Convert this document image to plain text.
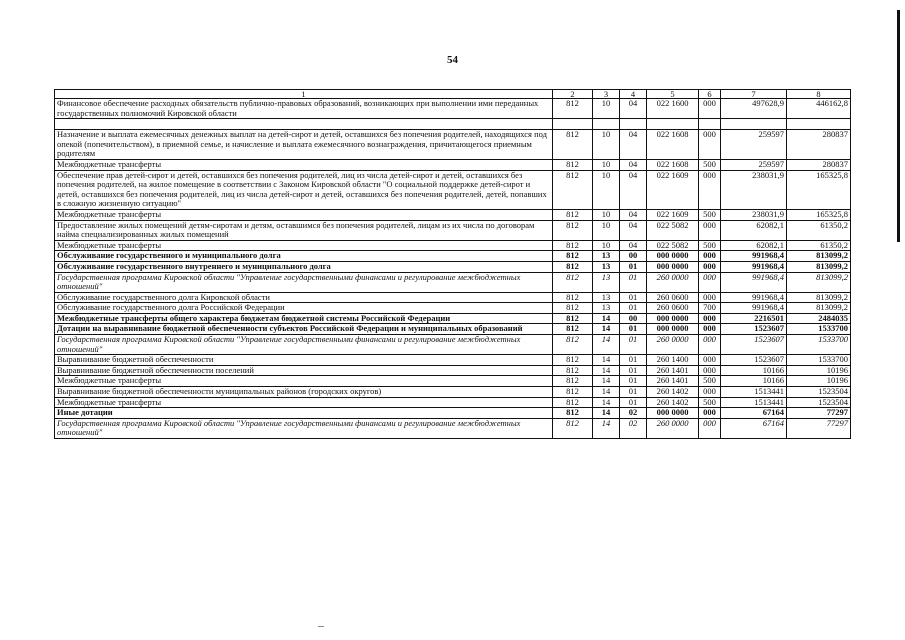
54
1	2	3	4	5	6	7	8
Финансовое обеспечение расходных обязательств публично-правовых образований, возникающих при выполнении ими переданных государственных полномочий Кировской области	812	10	04	022 1600	000	497628,9	446162,8

Назначение и выплата ежемесячных денежных выплат на детей-сирот и детей, оставшихся без попечения родителей, находящихся под опекой (попечительством), в приемной семье, и начисление и выплата ежемесячного вознаграждения, причитающегося приемным родителям	812	10	04	022 1608	000	259597	280837
Межбюджетные трансферты	812	10	04	022 1608	500	259597	280837
Обеспечение прав детей-сирот и детей, оставшихся без попечения родителей, лиц из числа детей-сирот и детей, оставшихся без попечения родителей, на жилое помещение в соответствии с Законом Кировской области "О социальной поддержке детей-сирот и детей, оставшихся без попечения родителей, лиц из числа детей-сирот и детей, оставшихся без попечения родителей, детей, попавших в сложную жизненную ситуацию"	812	10	04	022 1609	000	238031,9	165325,8
Межбюджетные трансферты	812	10	04	022 1609	500	238031,9	165325,8
Предоставление жилых помещений детям-сиротам и детям, оставшимся без попечения родителей, лицам из их числа по договорам найма специализированных жилых помещений	812	10	04	022 5082	000	62082,1	61350,2
Межбюджетные трансферты	812	10	04	022 5082	500	62082,1	61350,2
Обслуживание государственного и муниципального долга	812	13	00	000 0000	000	991968,4	813099,2
Обслуживание государственного внутреннего и муниципального долга	812	13	01	000 0000	000	991968,4	813099,2
Государственная программа Кировской области "Управление государственными финансами и регулирование межбюджетных отношений"	812	13	01	260 0000	000	991968,4	813099,2
Обслуживание государственного долга Кировской области	812	13	01	260 0600	000	991968,4	813099,2
Обслуживание государственного долга Российской Федерации	812	13	01	260 0600	700	991968,4	813099,2
Межбюджетные трансферты общего характера бюджетам бюджетной системы Российской Федерации	812	14	00	000 0000	000	2216501	2484035
Дотации на выравнивание бюджетной обеспеченности субъектов Российской Федерации и муниципальных образований	812	14	01	000 0000	000	1523607	1533700
Государственная программа Кировской области "Управление государственными финансами и регулирование межбюджетных отношений"	812	14	01	260 0000	000	1523607	1533700
Выравнивание бюджетной обеспеченности	812	14	01	260 1400	000	1523607	1533700
Выравнивание бюджетной обеспеченности поселений	812	14	01	260 1401	000	10166	10196
Межбюджетные трансферты	812	14	01	260 1401	500	10166	10196
Выравнивание бюджетной обеспеченности муниципальных районов (городских округов)	812	14	01	260 1402	000	1513441	1523504
Межбюджетные трансферты	812	14	01	260 1402	500	1513441	1523504
Иные дотации	812	14	02	000 0000	000	67164	77297
Государственная программа Кировской области "Управление государственными финансами и регулирование межбюджетных отношений"	812	14	02	260 0000	000	67164	77297
